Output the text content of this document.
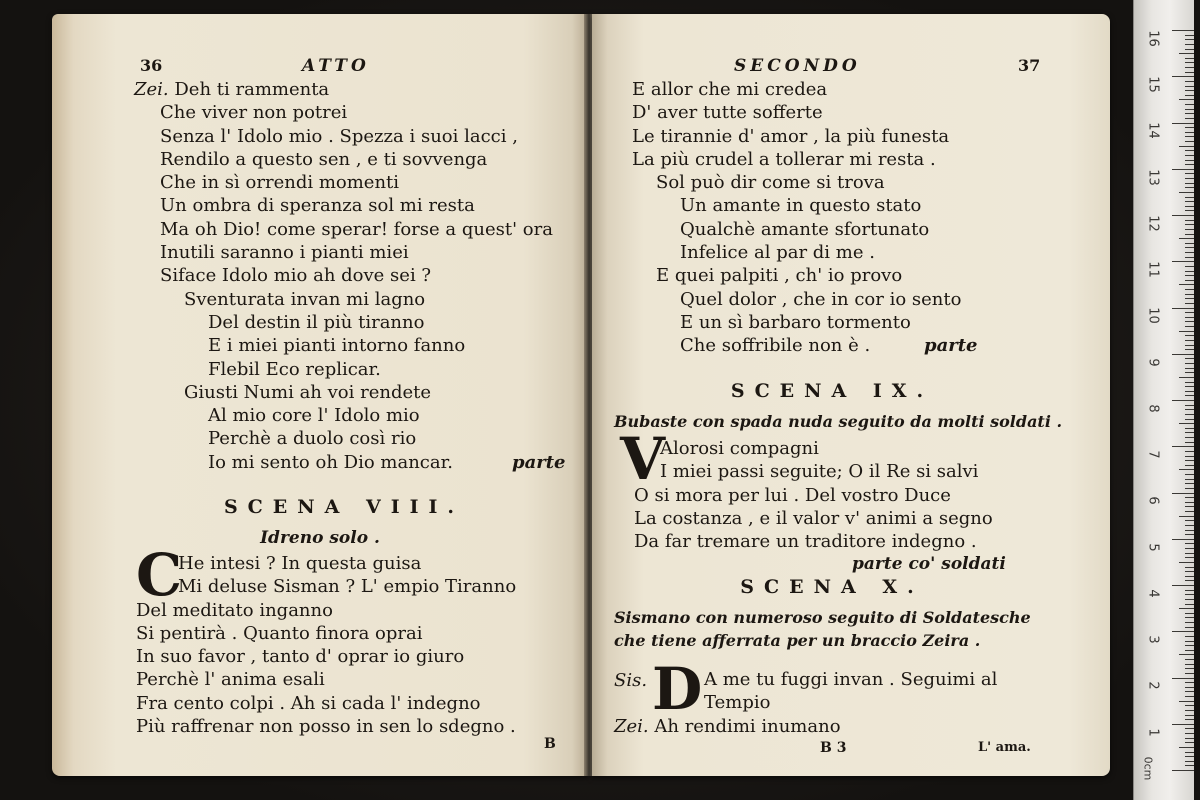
36	ATTO
Zei. Deh ti rammenta
Che viver non potrei
Senza l' Idolo mio . Spezza i suoi lacci ,
Rendilo a questo sen , e ti sovvenga
Che in sì orrendi momenti
Un ombra di speranza sol mi resta
Ma oh Dio! come sperar! forse a quest' ora
Inutili saranno i pianti miei
Siface Idolo mio ah dove sei ?
Sventurata invan mi lagno
Del destin il più tiranno
E i miei pianti intorno fanno
Flebil Eco replicar.
Giusti Numi ah voi rendete
Al mio core l' Idolo mio
Perchè a duolo così rio
Io mi sento oh Dio mancar.	parte
SCENA VIII.
Idreno solo .
C
He intesi ? In questa guisa
Mi deluse Sisman ? L' empio Tiranno
Del meditato inganno
Si pentirà . Quanto finora oprai
In suo favor , tanto d' oprar io giuro
Perchè l' anima esali
Fra cento colpi . Ah si cada l' indegno
Più raffrenar non posso in sen lo sdegno .
B
SECONDO	37
E allor che mi credea
D' aver tutte sofferte
Le tirannie d' amor , la più funesta
La più crudel a tollerar mi resta .
Sol può dir come si trova
Un amante in questo stato
Qualchè amante sfortunato
Infelice al par di me .
E quei palpiti , ch' io provo
Quel dolor , che in cor io sento
E un sì barbaro tormento
Che soffribile non è .	parte
SCENA IX.
Bubaste con spada nuda seguito da molti soldati .
V
Alorosi compagni
I miei passi seguite; O il Re si salvi
O si mora per lui . Del vostro Duce
La costanza , e il valor v' animi a segno
Da far tremare un traditore indegno .
parte co' soldati
SCENA X.
Sismano con numeroso seguito di Soldatesche
che tiene afferrata per un braccio Zeira .
Sis. D A me tu fuggi invan . Seguimi al
Tempio
Zei. Ah rendimi inumano
B 3	L' ama.
0cm
16
15
14
13
12
11
10
9
8
7
6
5
4
3
2
1
